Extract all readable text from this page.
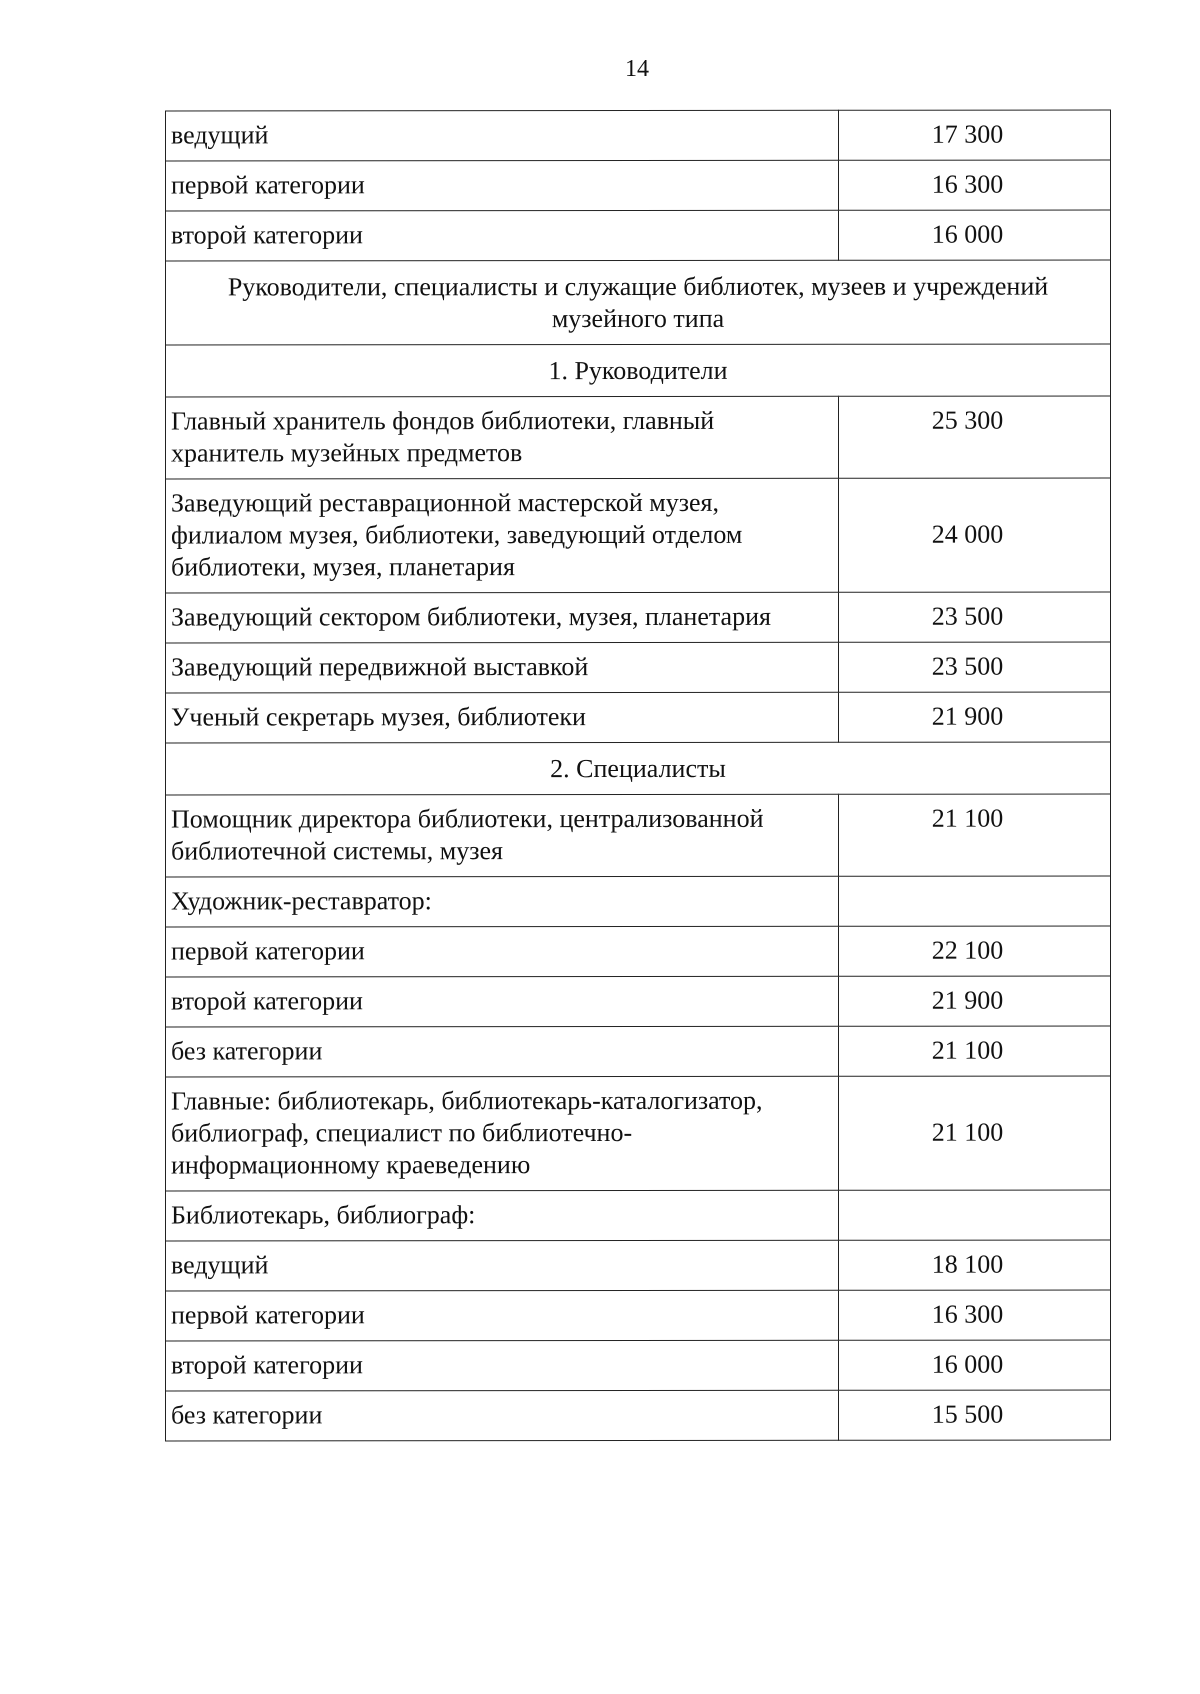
14
ведущий	17 300
первой категории	16 300
второй категории	16 000
Руководители, специалисты и служащие библиотек, музеев и учреждений музейного типа	
1. Руководители	
Главный хранитель фондов библиотеки, главный хранитель музейных предметов	25 300
Заведующий реставрационной мастерской музея, филиалом музея, библиотеки, заведующий отделом библиотеки, музея, планетария	24 000
Заведующий сектором библиотеки, музея, планетария	23 500
Заведующий передвижной выставкой	23 500
Ученый секретарь музея, библиотеки	21 900
2. Специалисты	
Помощник директора библиотеки, централизованной библиотечной системы, музея	21 100
Художник-реставратор:	
первой категории	22 100
второй категории	21 900
без категории	21 100
Главные: библиотекарь, библиотекарь-каталогизатор, библиограф, специалист по библиотечно-информационному краеведению	21 100
Библиотекарь, библиограф:	
ведущий	18 100
первой категории	16 300
второй категории	16 000
без категории	15 500
